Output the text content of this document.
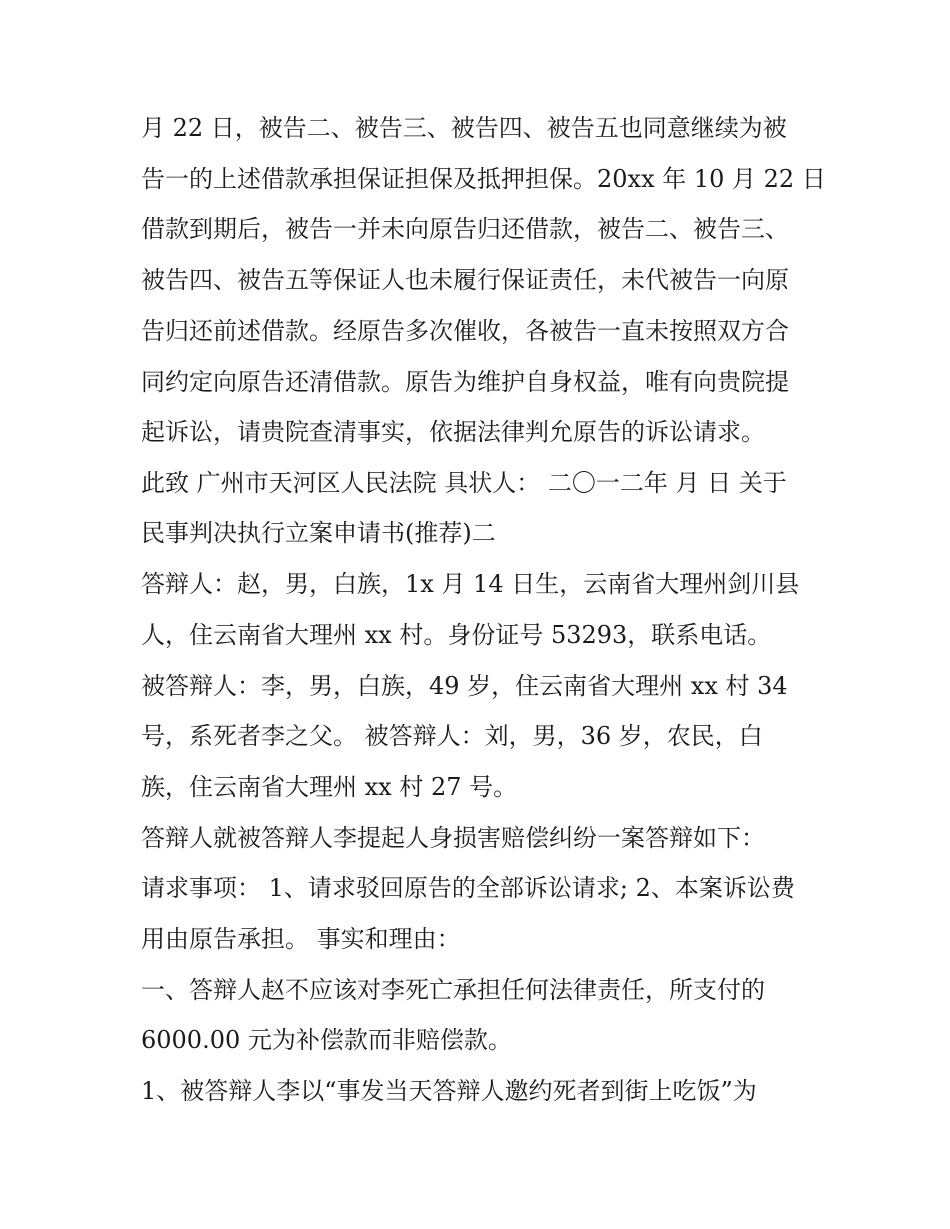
月 22 日，被告二、被告三、被告四、被告五也同意继续为被
告一的上述借款承担保证担保及抵押担保。20xx 年 10 月 22 日
借款到期后，被告一并未向原告归还借款，被告二、被告三、
被告四、被告五等保证人也未履行保证责任，未代被告一向原
告归还前述借款。经原告多次催收，各被告一直未按照双方合
同约定向原告还清借款。原告为维护自身权益，唯有向贵院提
起诉讼，请贵院查清事实，依据法律判允原告的诉讼请求。
此致 广州市天河区人民法院 具状人： 二〇一二年 月 日 关于
民事判决执行立案申请书(推荐)二
答辩人：赵，男，白族，1x 月 14 日生，云南省大理州剑川县
人，住云南省大理州 xx 村。身份证号 53293，联系电话。
被答辩人：李，男，白族，49 岁，住云南省大理州 xx 村 34
号，系死者李之父。 被答辩人：刘，男，36 岁，农民，白
族，住云南省大理州 xx 村 27 号。
答辩人就被答辩人李提起人身损害赔偿纠纷一案答辩如下：
请求事项： 1、请求驳回原告的全部诉讼请求; 2、本案诉讼费
用由原告承担。 事实和理由：
一、答辩人赵不应该对李死亡承担任何法律责任，所支付的
6000.00 元为补偿款而非赔偿款。
1、被答辩人李以“事发当天答辩人邀约死者到街上吃饭”为
